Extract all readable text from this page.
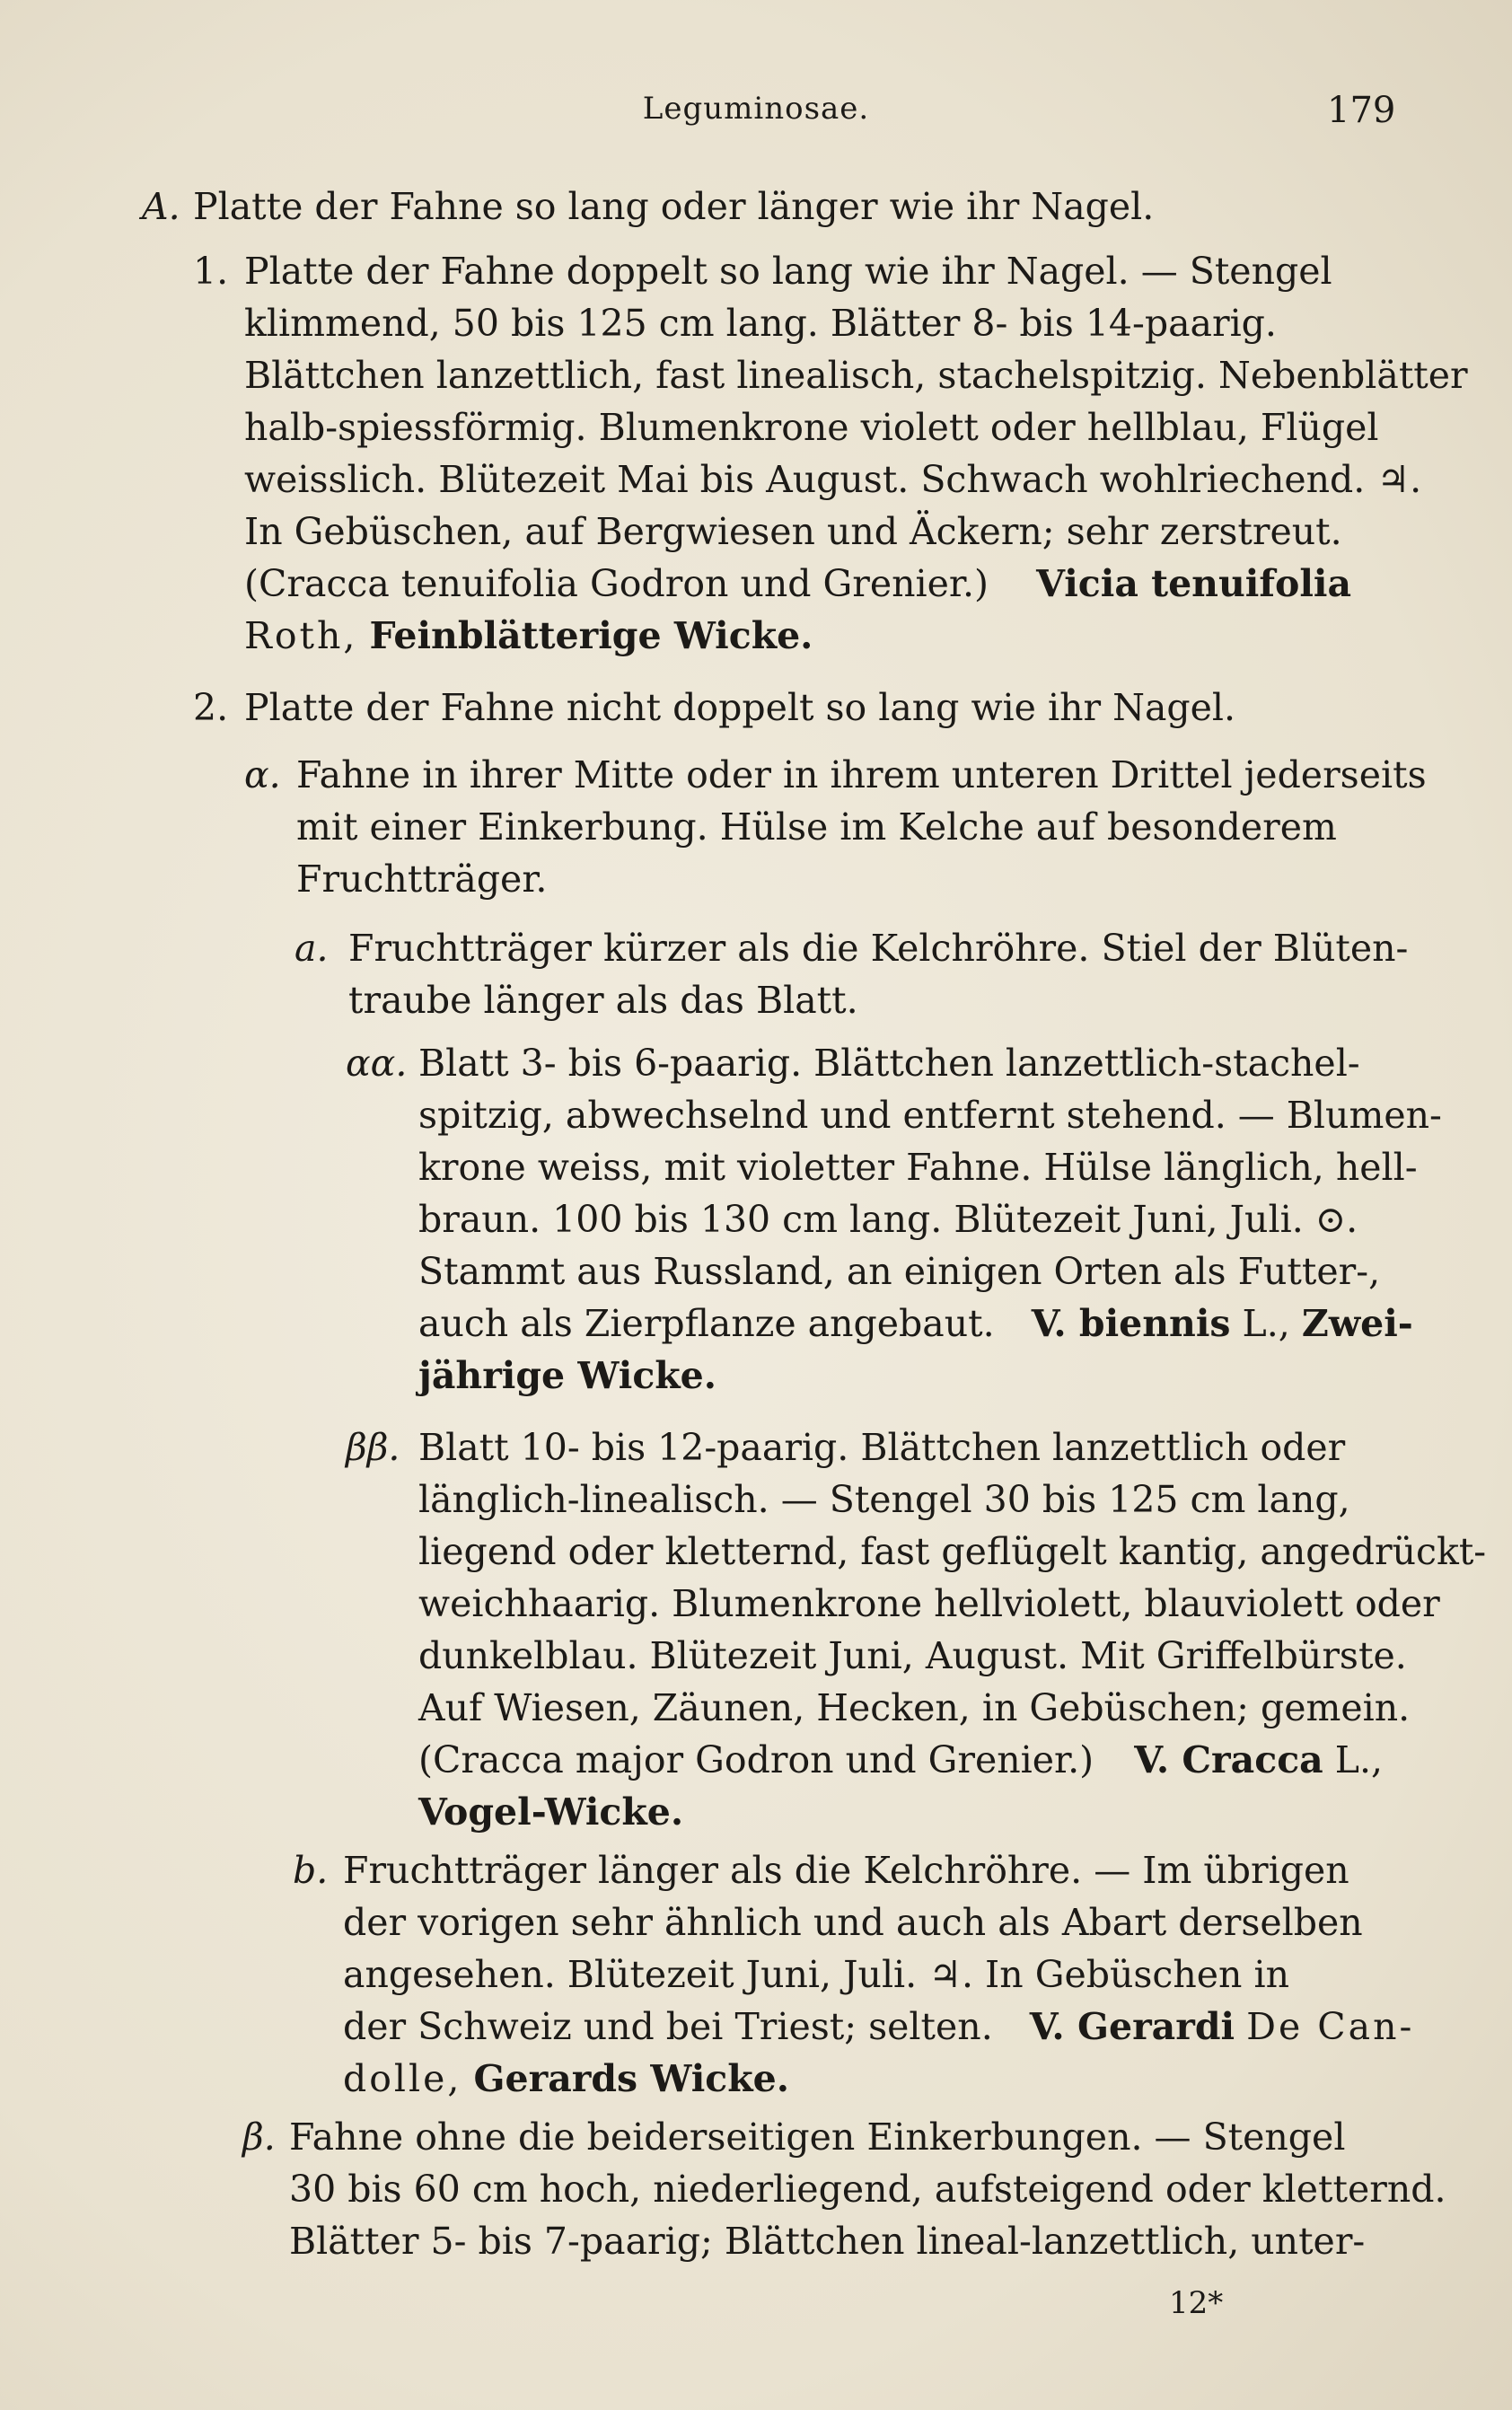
Leguminosae.	179
A. Platte der Fahne so lang oder länger wie ihr Nagel.
1. Platte der Fahne doppelt so lang wie ihr Nagel. — Stengel
klimmend, 50 bis 125 cm lang. Blätter 8- bis 14-paarig.
Blättchen lanzettlich, fast linealisch, stachelspitzig. Nebenblätter
halb-spiessförmig. Blumenkrone violett oder hellblau, Flügel
weisslich. Blütezeit Mai bis August. Schwach wohlriechend. ♃.
In Gebüschen, auf Bergwiesen und Äckern; sehr zerstreut.
(Cracca tenuifolia Godron und Grenier.) Vicia tenuifolia
Roth, Feinblätterige Wicke.
2. Platte der Fahne nicht doppelt so lang wie ihr Nagel.
α. Fahne in ihrer Mitte oder in ihrem unteren Drittel jederseits
mit einer Einkerbung. Hülse im Kelche auf besonderem
Fruchtträger.
a. Fruchtträger kürzer als die Kelchröhre. Stiel der Blüten-
traube länger als das Blatt.
αα. Blatt 3- bis 6-paarig. Blättchen lanzettlich-stachel-
spitzig, abwechselnd und entfernt stehend. — Blumen-
krone weiss, mit violetter Fahne. Hülse länglich, hell-
braun. 100 bis 130 cm lang. Blütezeit Juni, Juli. ⊙.
Stammt aus Russland, an einigen Orten als Futter-,
auch als Zierpflanze angebaut. V. biennis L., Zwei-
jährige Wicke.
ββ. Blatt 10- bis 12-paarig. Blättchen lanzettlich oder
länglich-linealisch. — Stengel 30 bis 125 cm lang,
liegend oder kletternd, fast geflügelt kantig, angedrückt-
weichhaarig. Blumenkrone hellviolett, blauviolett oder
dunkelblau. Blütezeit Juni, August. Mit Griffelbürste.
Auf Wiesen, Zäunen, Hecken, in Gebüschen; gemein.
(Cracca major Godron und Grenier.) V. Cracca L.,
Vogel-Wicke.
b. Fruchtträger länger als die Kelchröhre. — Im übrigen
der vorigen sehr ähnlich und auch als Abart derselben
angesehen. Blütezeit Juni, Juli. ♃. In Gebüschen in
der Schweiz und bei Triest; selten. V. Gerardi De Can-
dolle, Gerards Wicke.
β. Fahne ohne die beiderseitigen Einkerbungen. — Stengel
30 bis 60 cm hoch, niederliegend, aufsteigend oder kletternd.
Blätter 5- bis 7-paarig; Blättchen lineal-lanzettlich, unter-
12*
